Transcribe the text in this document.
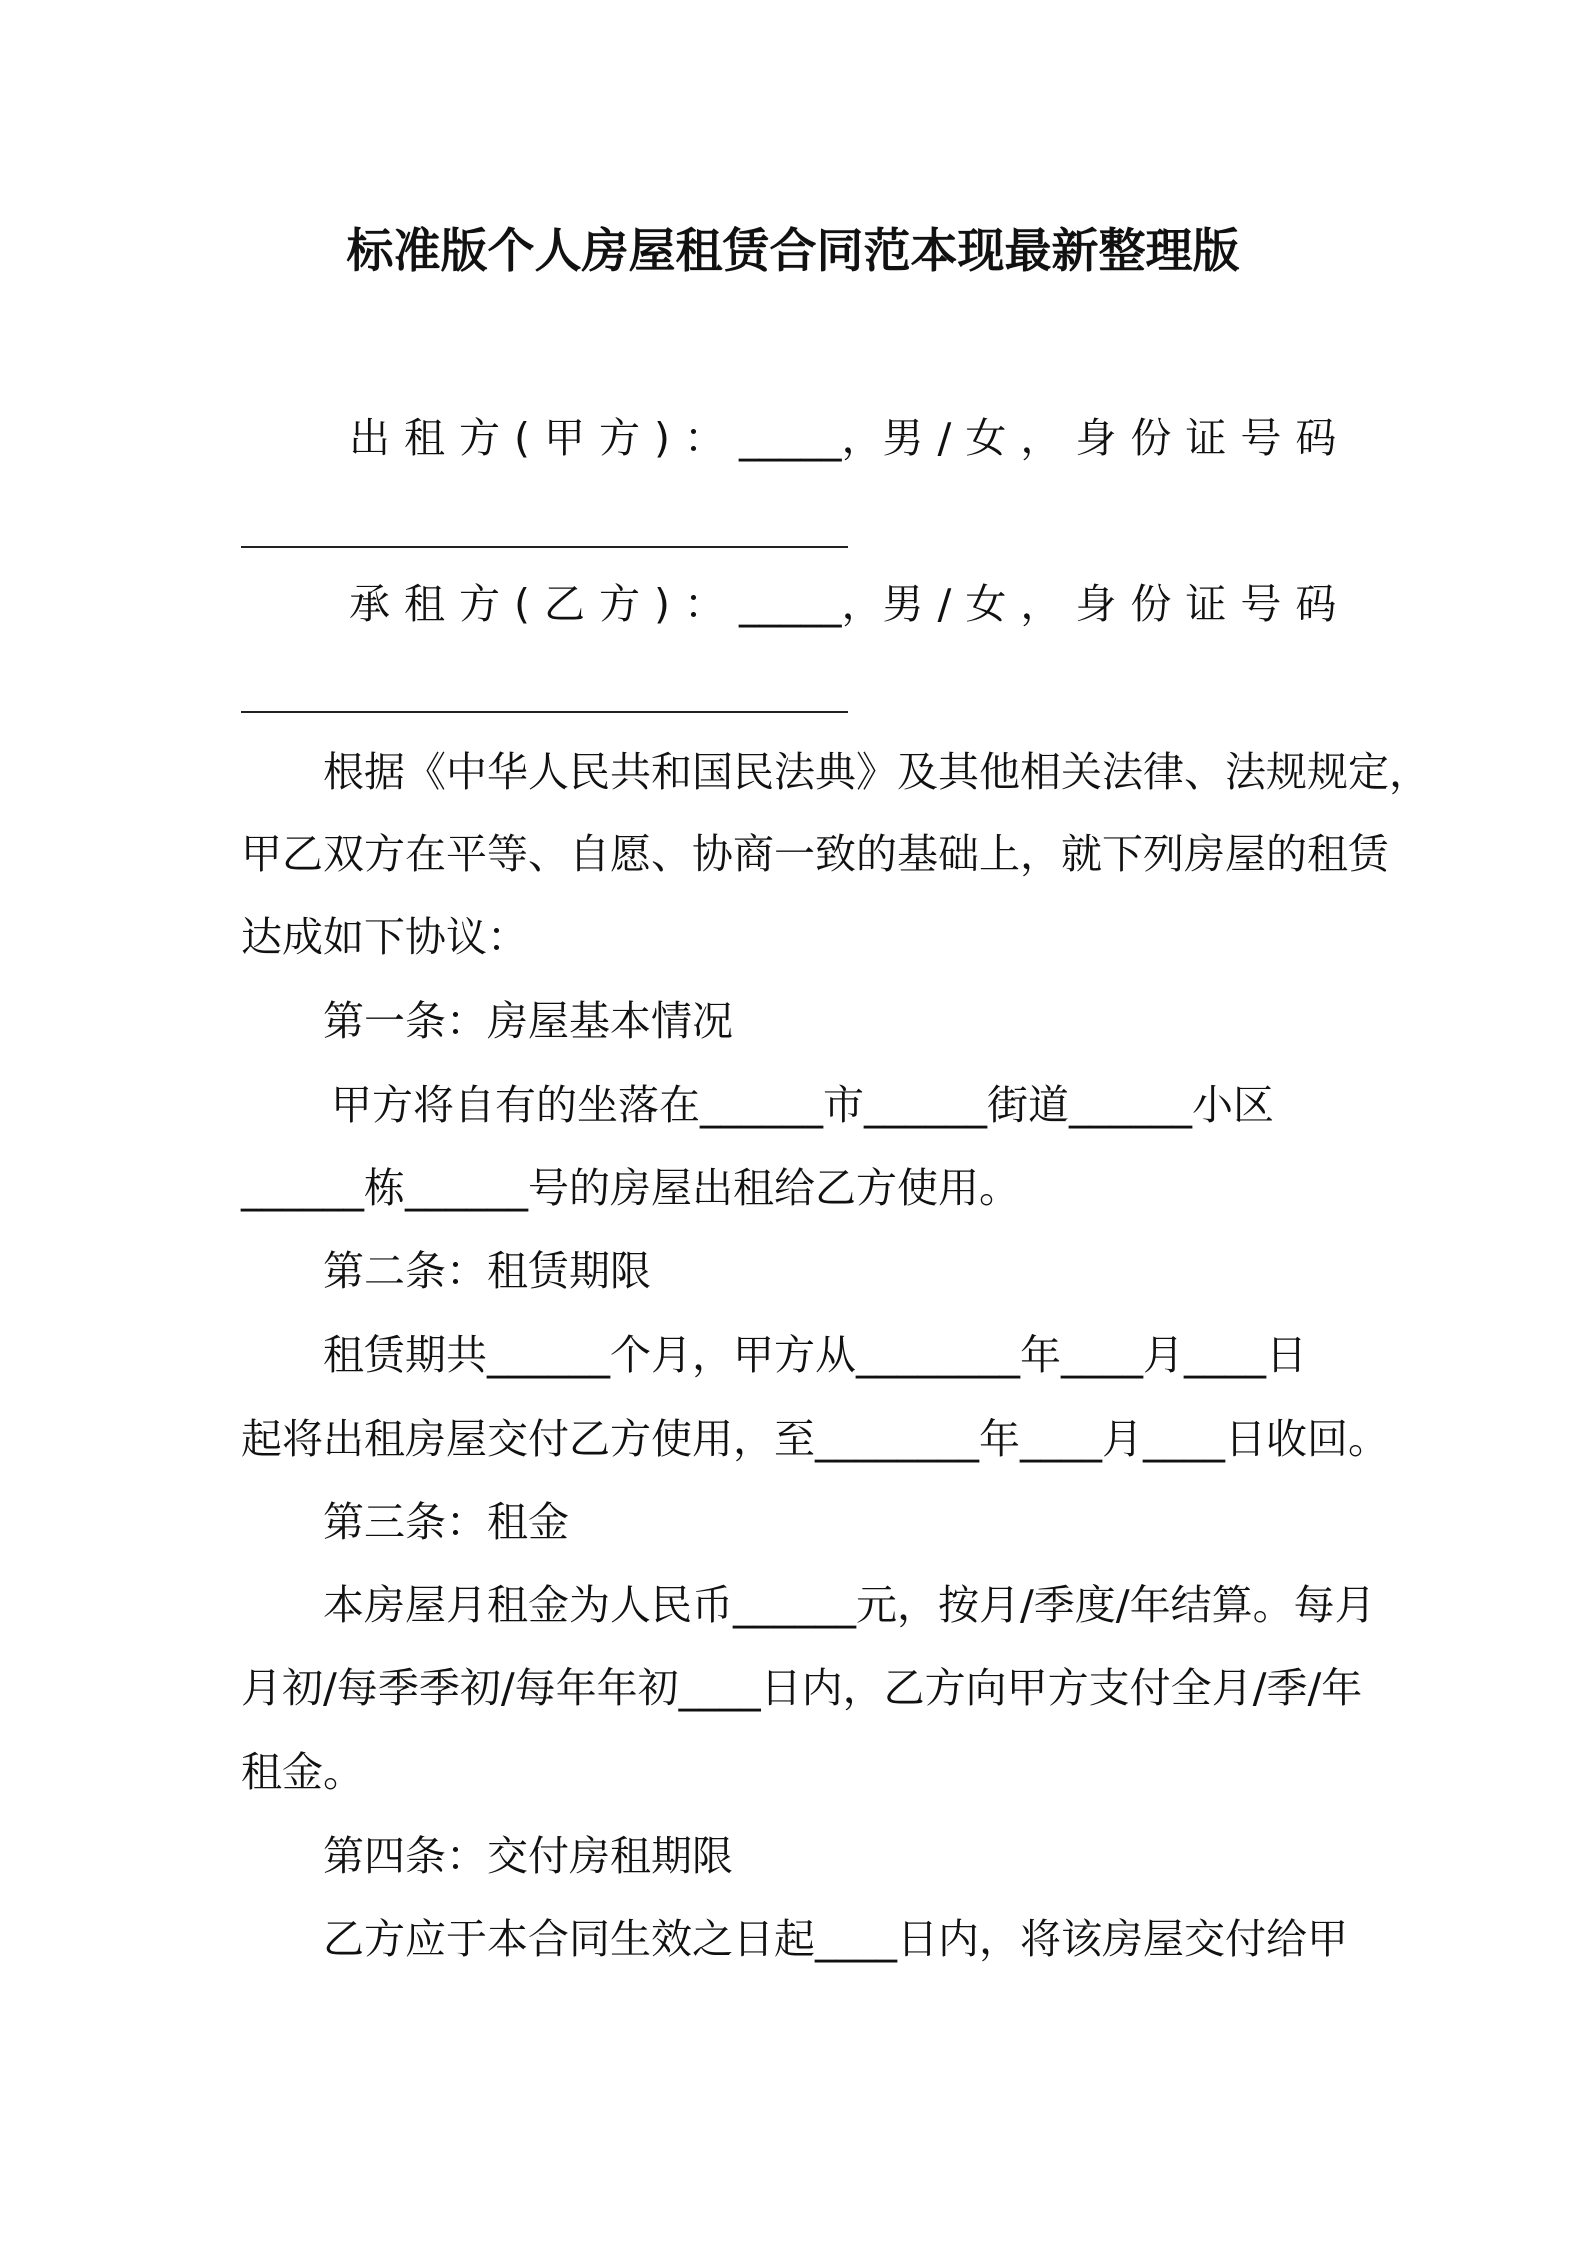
标准版个人房屋租赁合同范本现最新整理版
出租方(甲方)： _____， 男/女， 身份证号码
承租方(乙方)： _____， 男/女， 身份证号码
根据《中华人民共和国民法典》及其他相关法律、法规规定，
甲乙双方在平等、自愿、协商一致的基础上，就下列房屋的租赁
达成如下协议：
第一条：房屋基本情况
甲方将自有的坐落在______市______街道______小区
______栋______号的房屋出租给乙方使用。
第二条：租赁期限
租赁期共______个月，甲方从________年____月____日
起将出租房屋交付乙方使用，至________年____月____日收回。
第三条：租金
本房屋月租金为人民币______元，按月/季度/年结算。每月
月初/每季季初/每年年初____日内，乙方向甲方支付全月/季/年
租金。
第四条：交付房租期限
乙方应于本合同生效之日起____日内，将该房屋交付给甲
